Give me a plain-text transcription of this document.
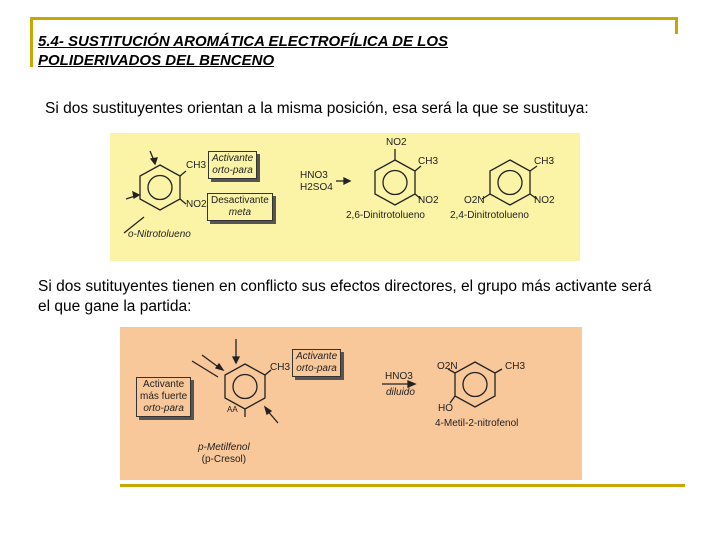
5.4- SUSTITUCIÓN AROMÁTICA ELECTROFÍLICA DE LOS
POLIDERIVADOS DEL BENCENO
Si dos sustituyentes orientan a la misma posición, esa será la que se sustituya:
CH3
NO2
Activante
orto-para
Desactivante
meta
o-Nitrotolueno
HNO3
H2SO4
NO2
CH3
NO2
2,6-Dinitrotolueno
O2N
CH3
NO2
2,4-Dinitrotolueno
Si dos sutituyentes tienen en conflicto sus efectos directores, el grupo más activante será el que gane la partida:
Activante
orto-para
CH3
Activante
más fuerte
orto-para	AA
p-Metilfenol
(p-Cresol)
HNO3
diluido
O2N	CH3
HO
4-Metil-2-nitrofenol
